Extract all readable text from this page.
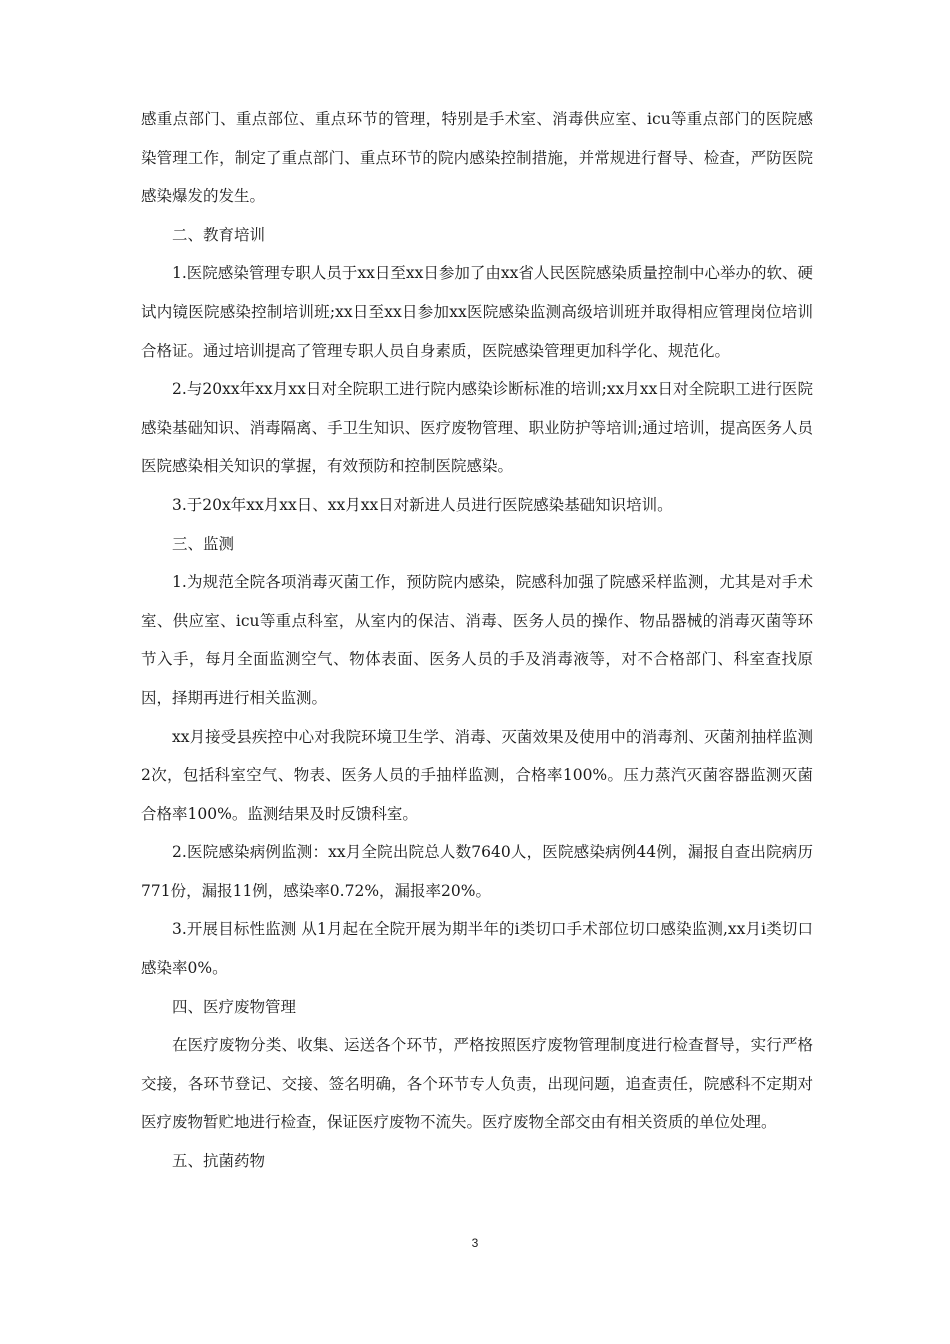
感重点部门、重点部位、重点环节的管理，特别是手术室、消毒供应室、icu等重点部门的医院感染管理工作，制定了重点部门、重点环节的院内感染控制措施，并常规进行督导、检查，严防医院感染爆发的发生。

二、教育培训

1.医院感染管理专职人员于xx日至xx日参加了由xx省人民医院感染质量控制中心举办的软、硬试内镜医院感染控制培训班;xx日至xx日参加xx医院感染监测高级培训班并取得相应管理岗位培训合格证。通过培训提高了管理专职人员自身素质，医院感染管理更加科学化、规范化。

2.与20xx年xx月xx日对全院职工进行院内感染诊断标准的培训;xx月xx日对全院职工进行医院感染基础知识、消毒隔离、手卫生知识、医疗废物管理、职业防护等培训;通过培训，提高医务人员医院感染相关知识的掌握，有效预防和控制医院感染。

3.于20x年xx月xx日、xx月xx日对新进人员进行医院感染基础知识培训。

三、监测

1.为规范全院各项消毒灭菌工作，预防院内感染，院感科加强了院感采样监测，尤其是对手术室、供应室、icu等重点科室，从室内的保洁、消毒、医务人员的操作、物品器械的消毒灭菌等环节入手，每月全面监测空气、物体表面、医务人员的手及消毒液等，对不合格部门、科室查找原因，择期再进行相关监测。

xx月接受县疾控中心对我院环境卫生学、消毒、灭菌效果及使用中的消毒剂、灭菌剂抽样监测2次，包括科室空气、物表、医务人员的手抽样监测，合格率100%。压力蒸汽灭菌容器监测灭菌合格率100%。监测结果及时反馈科室。

2.医院感染病例监测：xx月全院出院总人数7640人，医院感染病例44例，漏报自查出院病历771份，漏报11例，感染率0.72%，漏报率20%。

3.开展目标性监测 从1月起在全院开展为期半年的i类切口手术部位切口感染监测,xx月i类切口感染率0%。

四、医疗废物管理

在医疗废物分类、收集、运送各个环节，严格按照医疗废物管理制度进行检查督导，实行严格交接，各环节登记、交接、签名明确，各个环节专人负责，出现问题，追查责任，院感科不定期对医疗废物暂贮地进行检查，保证医疗废物不流失。医疗废物全部交由有相关资质的单位处理。

五、抗菌药物

3
